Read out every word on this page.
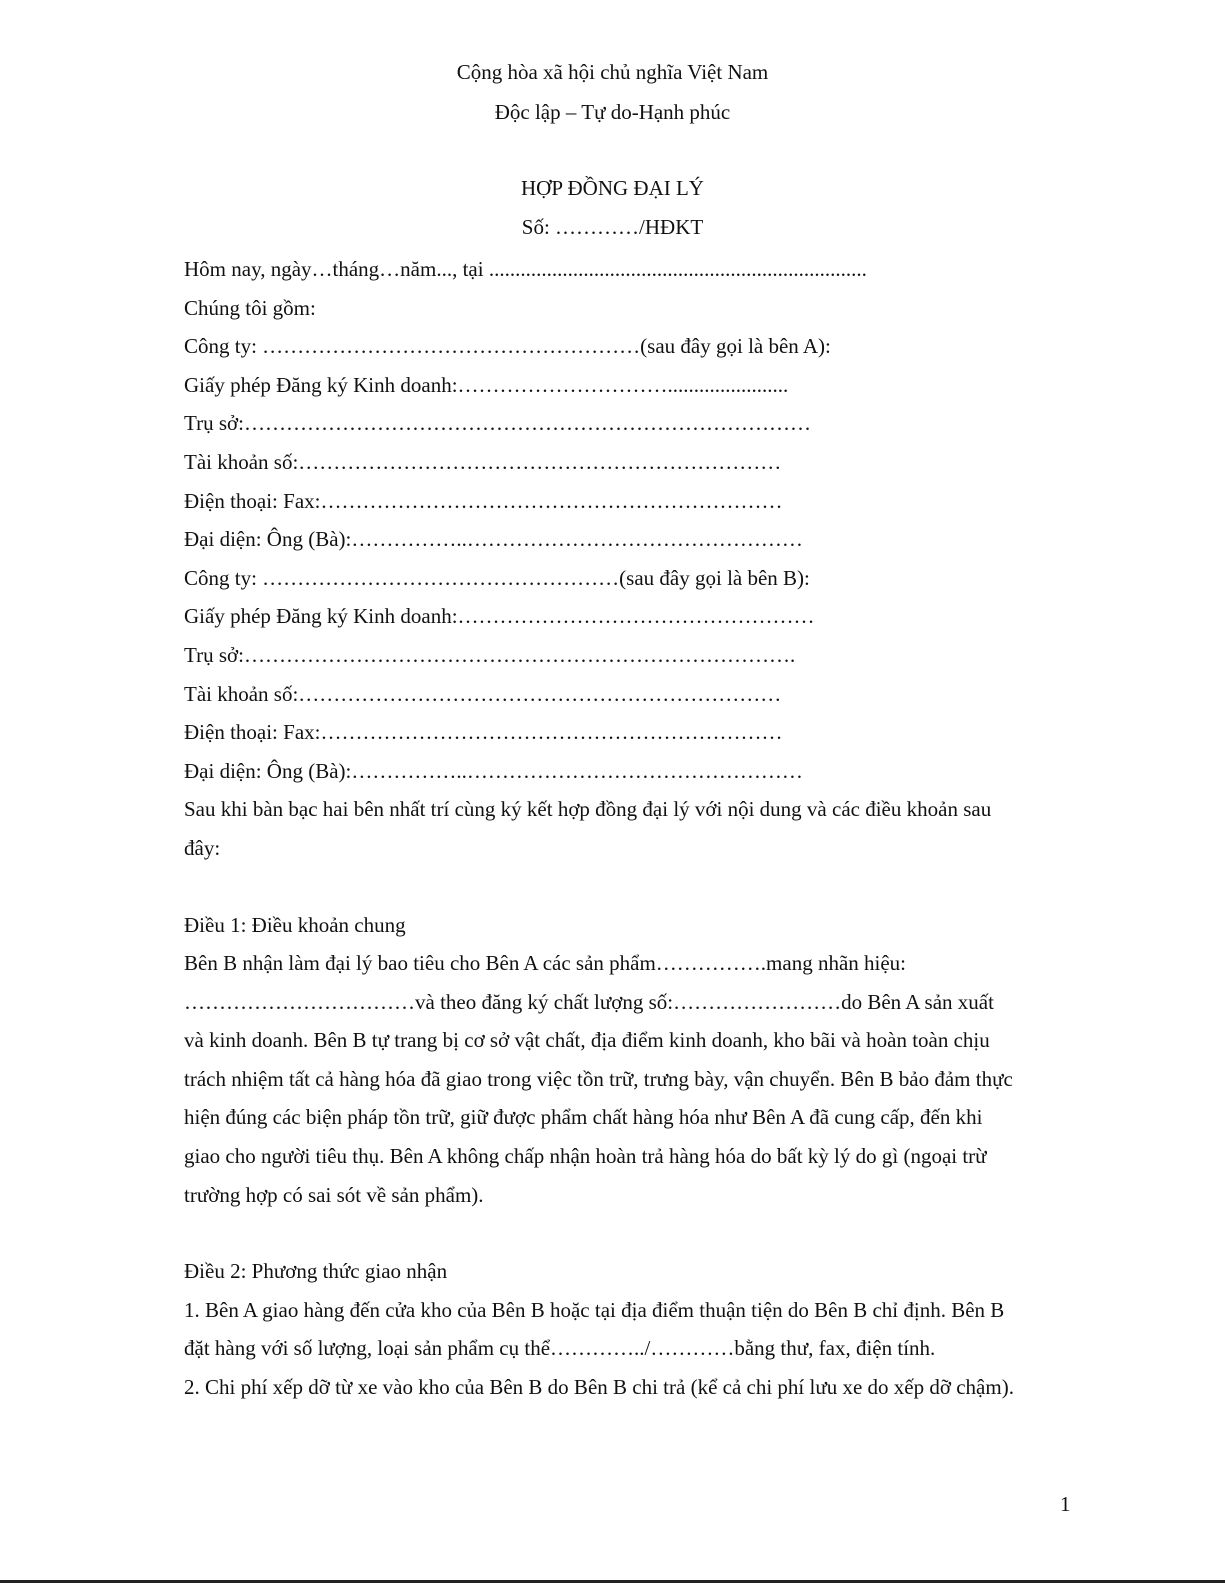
Cộng hòa xã hội chủ nghĩa Việt Nam
Độc lập – Tự do-Hạnh phúc
HỢP ĐỒNG ĐẠI LÝ
Số: …………/HĐKT
Hôm nay, ngày…tháng…năm..., tại ........................................................................
Chúng tôi gồm:
Công ty: ………………………………………………(sau đây gọi là bên A):
Giấy phép Đăng ký Kinh doanh:………………………….......................
Trụ sở:………………………………………………………………………
Tài khoản số:……………………………………………………………
Điện thoại: Fax:…………………………………………………………
Đại diện: Ông (Bà):……………..…………………………………………
Công ty: ……………………………………………(sau đây gọi là bên B):
Giấy phép Đăng ký Kinh doanh:……………………………………………
Trụ sở:…………………………………………………………………….
Tài khoản số:……………………………………………………………
Điện thoại: Fax:…………………………………………………………
Đại diện: Ông (Bà):……………..…………………………………………
Sau khi bàn bạc hai bên nhất trí cùng ký kết hợp đồng đại lý với nội dung và các điều khoản sau
đây:
Điều 1: Điều khoản chung
Bên B nhận làm đại lý bao tiêu cho Bên A các sản phẩm…………….mang nhãn hiệu:
……………………………và theo đăng ký chất lượng số:……………………do Bên A sản xuất
và kinh doanh. Bên B tự trang bị cơ sở vật chất, địa điểm kinh doanh, kho bãi và hoàn toàn chịu
trách nhiệm tất cả hàng hóa đã giao trong việc tồn trữ, trưng bày, vận chuyển. Bên B bảo đảm thực
hiện đúng các biện pháp tồn trữ, giữ được phẩm chất hàng hóa như Bên A đã cung cấp, đến khi
giao cho người tiêu thụ. Bên A không chấp nhận hoàn trả hàng hóa do bất kỳ lý do gì (ngoại trừ
trường hợp có sai sót về sản phẩm).
Điều 2: Phương thức giao nhận
1. Bên A giao hàng đến cửa kho của Bên B hoặc tại địa điểm thuận tiện do Bên B chỉ định. Bên B
đặt hàng với số lượng, loại sản phẩm cụ thể…………../…………bằng thư, fax, điện tính.
2. Chi phí xếp dỡ từ xe vào kho của Bên B do Bên B chi trả (kể cả chi phí lưu xe do xếp dỡ chậm).
1
